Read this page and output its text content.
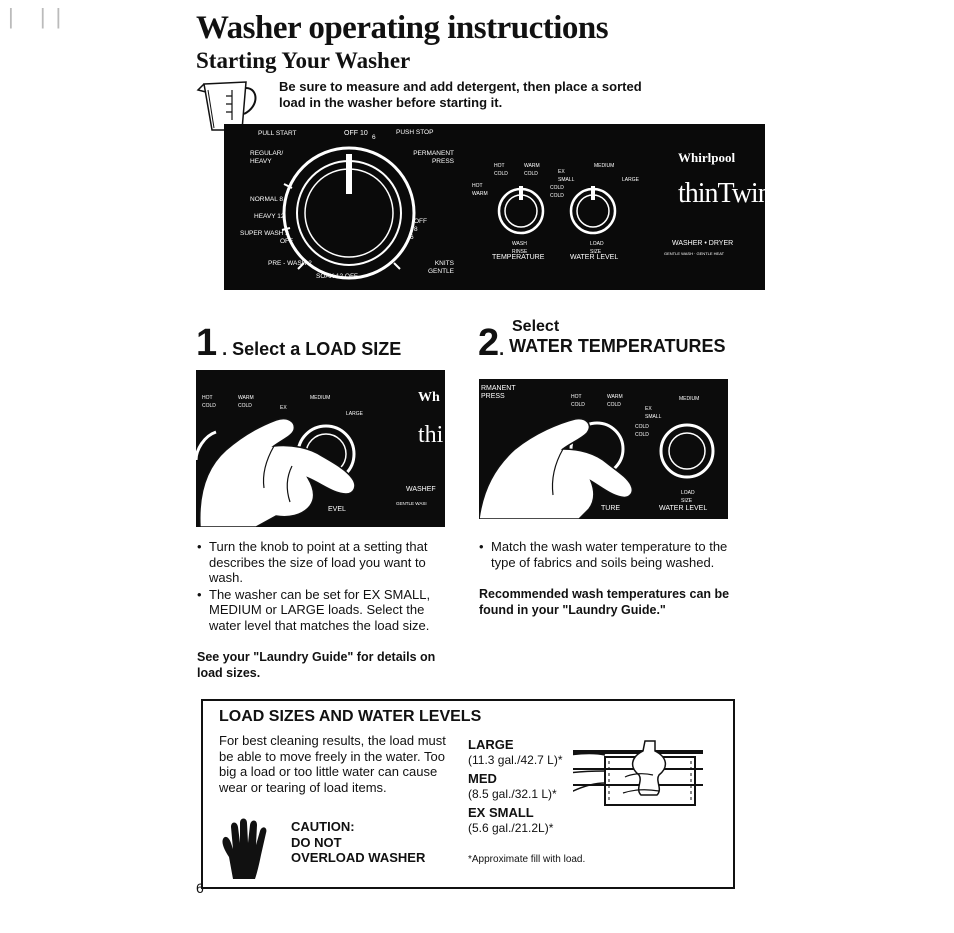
| ||	Washer operating instructions
Starting Your Washer
Be sure to measure and add detergent, then place a sorted load in the washer before starting it.
PULL START	OFF 10
6
PUSH STOP
REGULAR/ HEAVY
PERMANENT PRESS
NORMAL 8
HEAVY 12
SUPER WASH 2
OFF
PRE - WASH 2
SOAK 12 OFF
KNITS GENTLE
OFF
8
6
HOT COLD
WARM COLD
HOT WARM
COLD COLD
EX SMALL
MEDIUM
LARGE
WASH RINSE
LOAD SIZE
TEMPERATURE	WATER LEVEL
Whirlpool
thinTwin
WASHER • DRYER
GENTLE WASH · GENTLE HEAT
1 . Select a LOAD SIZE
HOT COLD
WARM COLD	EX
MEDIUM
LARGE
Wh
thi
WASHEF
GENTLE WASI
EVEL
• Turn the knob to point at a setting that describes the size of load you want to wash.
• The washer can be set for EX SMALL, MEDIUM or LARGE loads. Select the water level that matches the load size.
See your "Laundry Guide" for details on load sizes.
Select
2. WATER TEMPERATURES
RMANENT PRESS	HOT COLD
WARM COLD
EX SMALL
MEDIUM
COLD COLD
LOAD SIZE
TURE	WATER LEVEL
• Match the wash water temperature to the type of fabrics and soils being washed.
Recommended wash temperatures can be found in your "Laundry Guide."
LOAD SIZES AND WATER LEVELS
For best cleaning results, the load must be able to move freely in the water. Too big a load or too little water can cause wear or tearing of load items.
CAUTION:
DO NOT
OVERLOAD WASHER
LARGE
(11.3 gal./42.7 L)*
MED
(8.5 gal./32.1 L)*
EX SMALL
(5.6 gal./21.2L)*
*Approximate fill with load.
6
